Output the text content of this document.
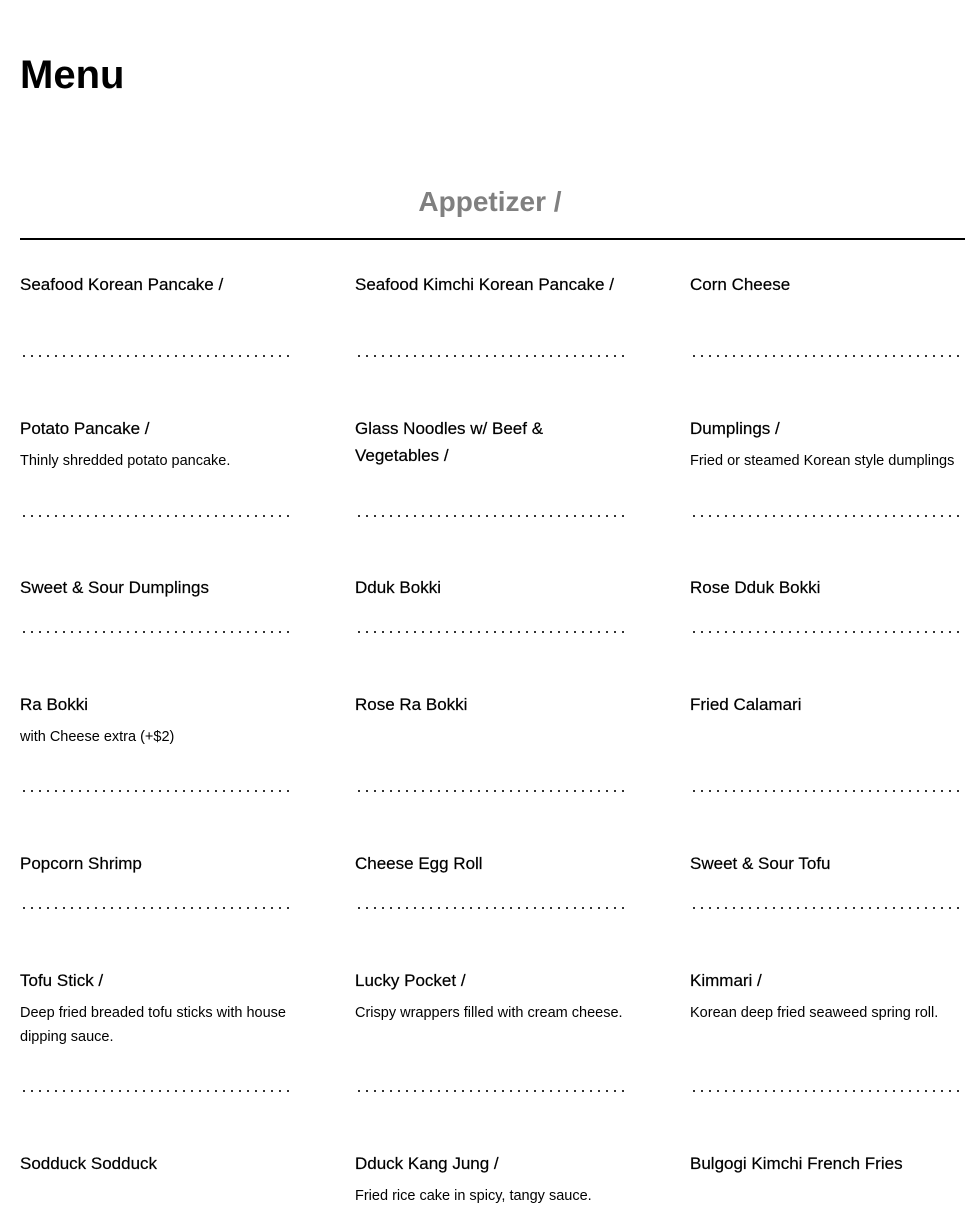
Menu
Appetizer /

Seafood Korean Pancake /	Seafood Kimchi Korean Pancake /	Corn Cheese

Potato Pancake /

Thinly shredded potato pancake.

Glass Noodles w/ Beef & Vegetables /

Dumplings /

Fried or steamed Korean style dumplings

Sweet & Sour Dumplings	Dduk Bokki	Rose Dduk Bokki

Ra Bokki

with Cheese extra (+$2)

Rose Ra Bokki	Fried Calamari

Popcorn Shrimp	Cheese Egg Roll	Sweet & Sour Tofu

Tofu Stick /

Deep fried breaded tofu sticks with house dipping sauce.

Lucky Pocket /

Crispy wrappers filled with cream cheese.

Kimmari /

Korean deep fried seaweed spring roll.

Sodduck Sodduck	Dduck Kang Jung /

Fried rice cake in spicy, tangy sauce.

Bulgogi Kimchi French Fries
